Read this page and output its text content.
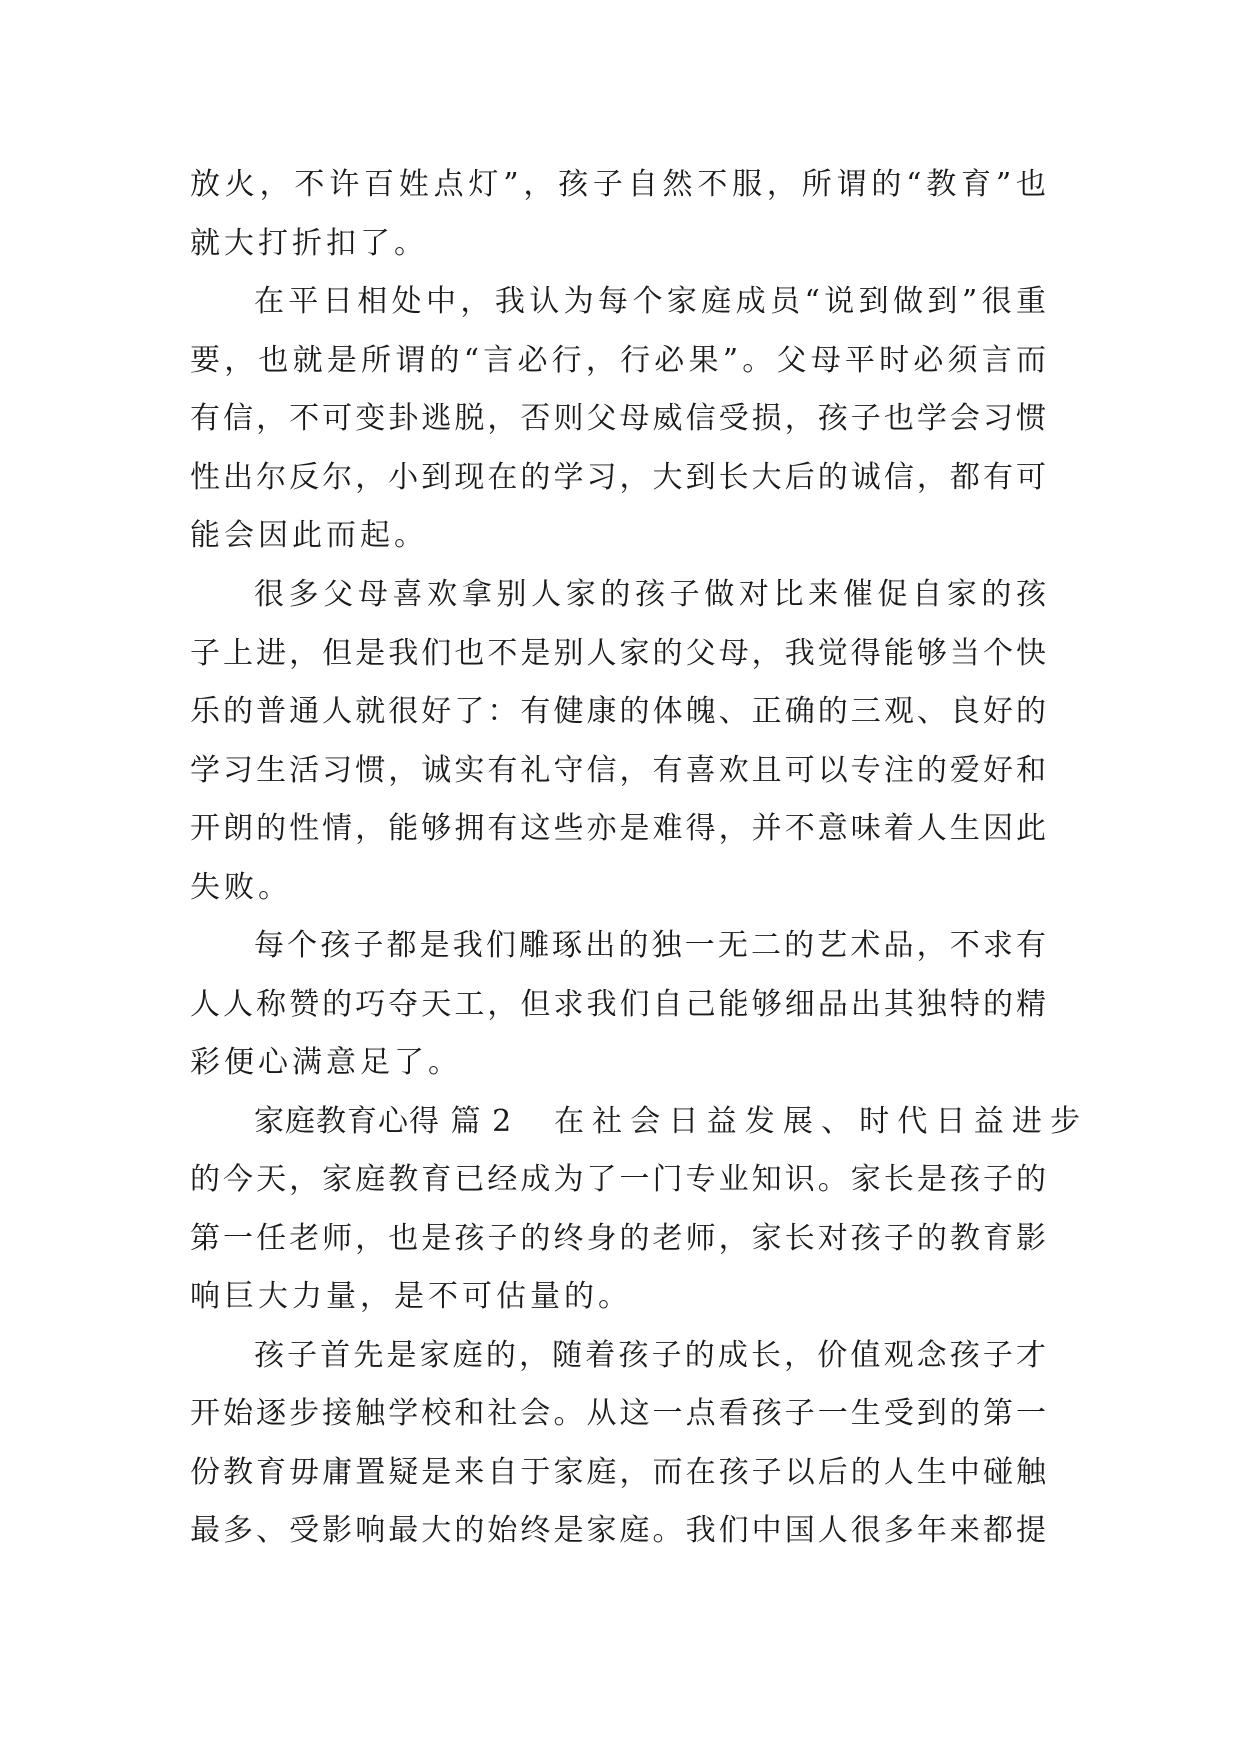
放火，不许百姓点灯”，孩子自然不服，所谓的“教育”也
就大打折扣了。
在平日相处中，我认为每个家庭成员“说到做到”很重
要，也就是所谓的“言必行，行必果”。父母平时必须言而
有信，不可变卦逃脱，否则父母威信受损，孩子也学会习惯
性出尔反尔，小到现在的学习，大到长大后的诚信，都有可
能会因此而起。
很多父母喜欢拿别人家的孩子做对比来催促自家的孩
子上进，但是我们也不是别人家的父母，我觉得能够当个快
乐的普通人就很好了：有健康的体魄、正确的三观、良好的
学习生活习惯，诚实有礼守信，有喜欢且可以专注的爱好和
开朗的性情，能够拥有这些亦是难得，并不意味着人生因此
失败。
每个孩子都是我们雕琢出的独一无二的艺术品，不求有
人人称赞的巧夺天工，但求我们自己能够细品出其独特的精
彩便心满意足了。
家庭教育心得 篇 2 在社会日益发展、时代日益进步
的今天，家庭教育已经成为了一门专业知识。家长是孩子的
第一任老师，也是孩子的终身的老师，家长对孩子的教育影
响巨大力量，是不可估量的。
孩子首先是家庭的，随着孩子的成长，价值观念孩子才
开始逐步接触学校和社会。从这一点看孩子一生受到的第一
份教育毋庸置疑是来自于家庭，而在孩子以后的人生中碰触
最多、受影响最大的始终是家庭。我们中国人很多年来都提
